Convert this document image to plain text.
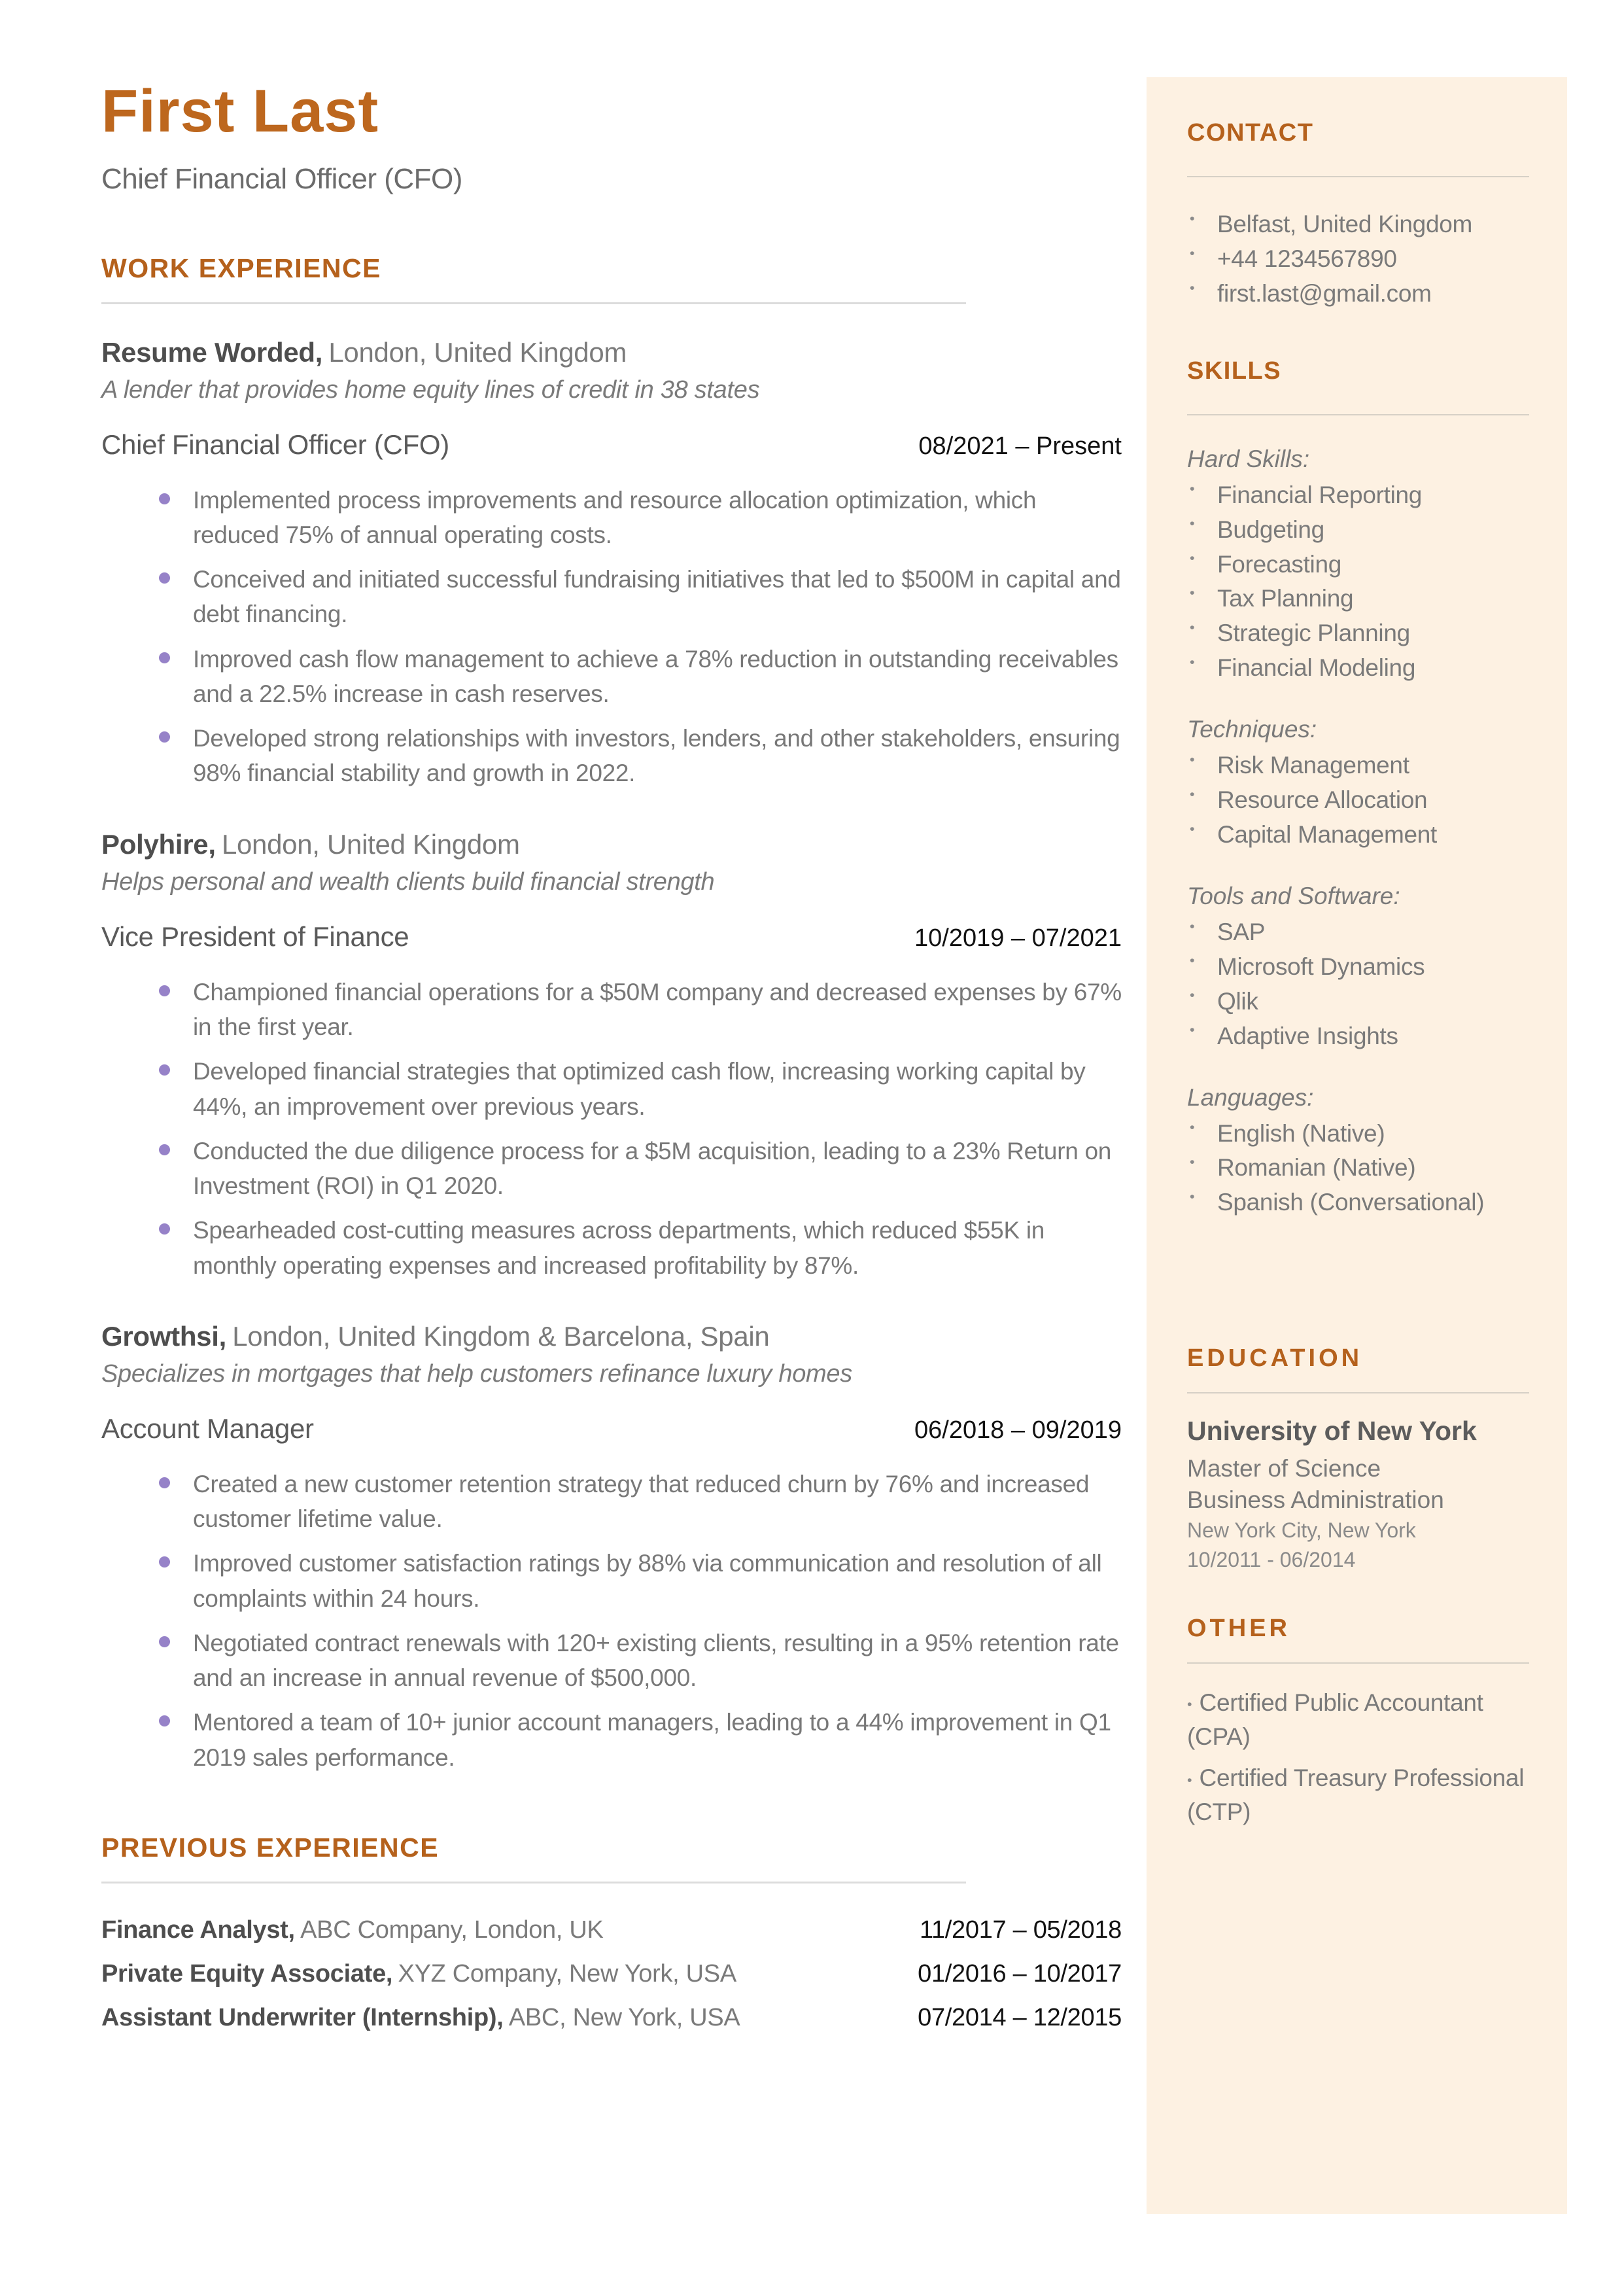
First Last
Chief Financial Officer (CFO)
WORK EXPERIENCE
Resume Worded, London, United Kingdom
A lender that provides home equity lines of credit in 38 states
Chief Financial Officer (CFO)	08/2021 – Present
Implemented process improvements and resource allocation optimization, which reduced 75% of annual operating costs.
Conceived and initiated successful fundraising initiatives that led to $500M in capital and debt financing.
Improved cash flow management to achieve a 78% reduction in outstanding receivables and a 22.5% increase in cash reserves.
Developed strong relationships with investors, lenders, and other stakeholders, ensuring 98% financial stability and growth in 2022.
Polyhire, London, United Kingdom
Helps personal and wealth clients build financial strength
Vice President of Finance	10/2019 – 07/2021
Championed financial operations for a $50M company and decreased expenses by 67% in the first year.
Developed financial strategies that optimized cash flow, increasing working capital by 44%, an improvement over previous years.
Conducted the due diligence process for a $5M acquisition, leading to a 23% Return on Investment (ROI) in Q1 2020.
Spearheaded cost-cutting measures across departments, which reduced $55K in monthly operating expenses and increased profitability by 87%.
Growthsi, London, United Kingdom & Barcelona, Spain
Specializes in mortgages that help customers refinance luxury homes
Account Manager	06/2018 – 09/2019
Created a new customer retention strategy that reduced churn by 76% and increased customer lifetime value.
Improved customer satisfaction ratings by 88% via communication and resolution of all complaints within 24 hours.
Negotiated contract renewals with 120+ existing clients, resulting in a 95% retention rate and an increase in annual revenue of $500,000.
Mentored a team of 10+ junior account managers, leading to a 44% improvement in Q1 2019 sales performance.
PREVIOUS EXPERIENCE
Finance Analyst, ABC Company, London, UK	11/2017 – 05/2018
Private Equity Associate, XYZ Company, New York, USA	01/2016 – 10/2017
Assistant Underwriter (Internship), ABC, New York, USA	07/2014 – 12/2015
CONTACT
• Belfast, United Kingdom
• +44 1234567890
• first.last@gmail.com
SKILLS
Hard Skills:
• Financial Reporting
• Budgeting
• Forecasting
• Tax Planning
• Strategic Planning
• Financial Modeling
Techniques:
• Risk Management
• Resource Allocation
• Capital Management
Tools and Software:
• SAP
• Microsoft Dynamics
• Qlik
• Adaptive Insights
Languages:
• English (Native)
• Romanian (Native)
• Spanish (Conversational)
EDUCATION
University of New York
Master of Science
Business Administration
New York City, New York
10/2011 - 06/2014
OTHER
•  Certified Public Accountant (CPA)
•  Certified Treasury Professional (CTP)
